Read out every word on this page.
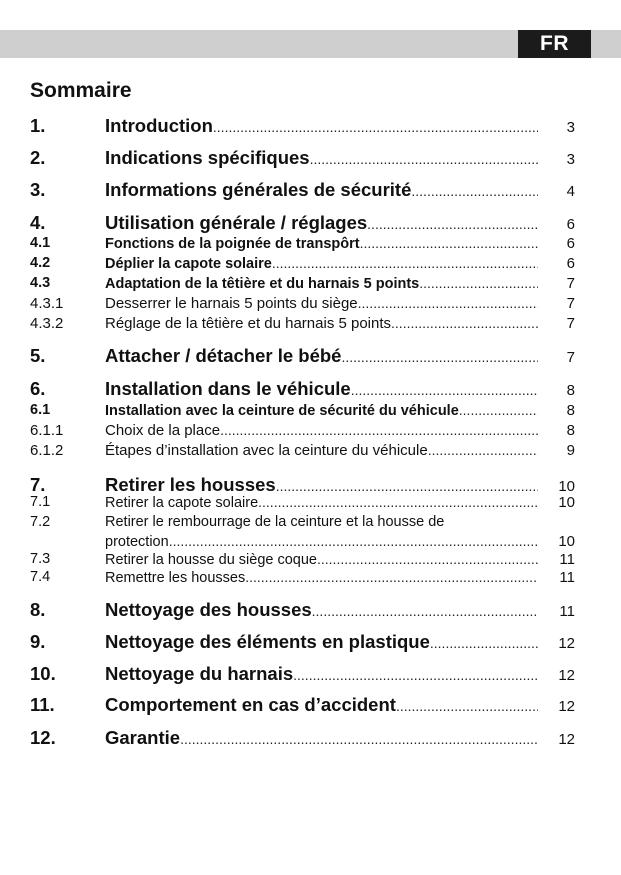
FR
Sommaire
1.	Introduction .....	3
2.	Indications spécifiques .....	3
3.	Informations générales de sécurité .....	4
4.	Utilisation générale / réglages .....	6
4.1	Fonctions de la poignée de transpôrt .....	6
4.2	Déplier la capote solaire .....	6
4.3	Adaptation de la têtière et du harnais 5 points .....	7
4.3.1	Desserrer le harnais 5 points du siège .....	7
4.3.2	Réglage de la têtière et du harnais 5 points .....	7
5.	Attacher / détacher le bébé .....	7
6.	Installation dans le véhicule .....	8
6.1	Installation avec la ceinture de sécurité du véhicule .....	8
6.1.1	Choix de la place .....	8
6.1.2	Étapes d’installation avec la ceinture du véhicule .....	9
7.	Retirer les housses .....	10
7.1	Retirer la capote solaire .....	10
7.2	Retirer le rembourrage de la ceinture et la housse de
protection .....	10
7.3	Retirer la housse du siège coque .....	11
7.4	Remettre les housses .....	11
8.	Nettoyage des housses .....	11
9.	Nettoyage des éléments en plastique .....	12
10.	Nettoyage du harnais .....	12
11.	Comportement en cas d’accident .....	12
12.	Garantie .....	12
